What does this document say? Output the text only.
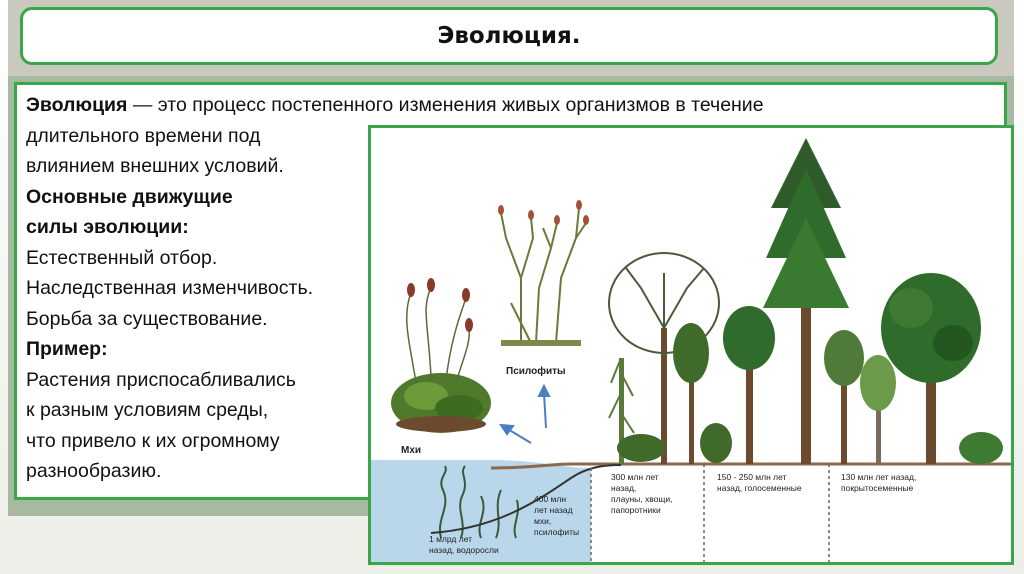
Эволюция.
Эволюция — это процесс постепенного изменения живых организмов в течение
длительного времени под
влиянием внешних условий.
Основные движущие
силы эволюции:
Естественный отбор.
Наследственная изменчивость.
Борьба за существование.
Пример:
Растения приспосабливались
к разным условиям среды,
что привело к их огромному
разнообразию.
Мхи
Псилофиты
1 млрд лет
назад, водоросли
400 млн
лет назад
мхи,
псилофиты
300 млн лет
назад,
плауны, хвощи,
папоротники
150 - 250 млн лет
назад, голосеменные
130 млн лет назад,
покрытосеменные
